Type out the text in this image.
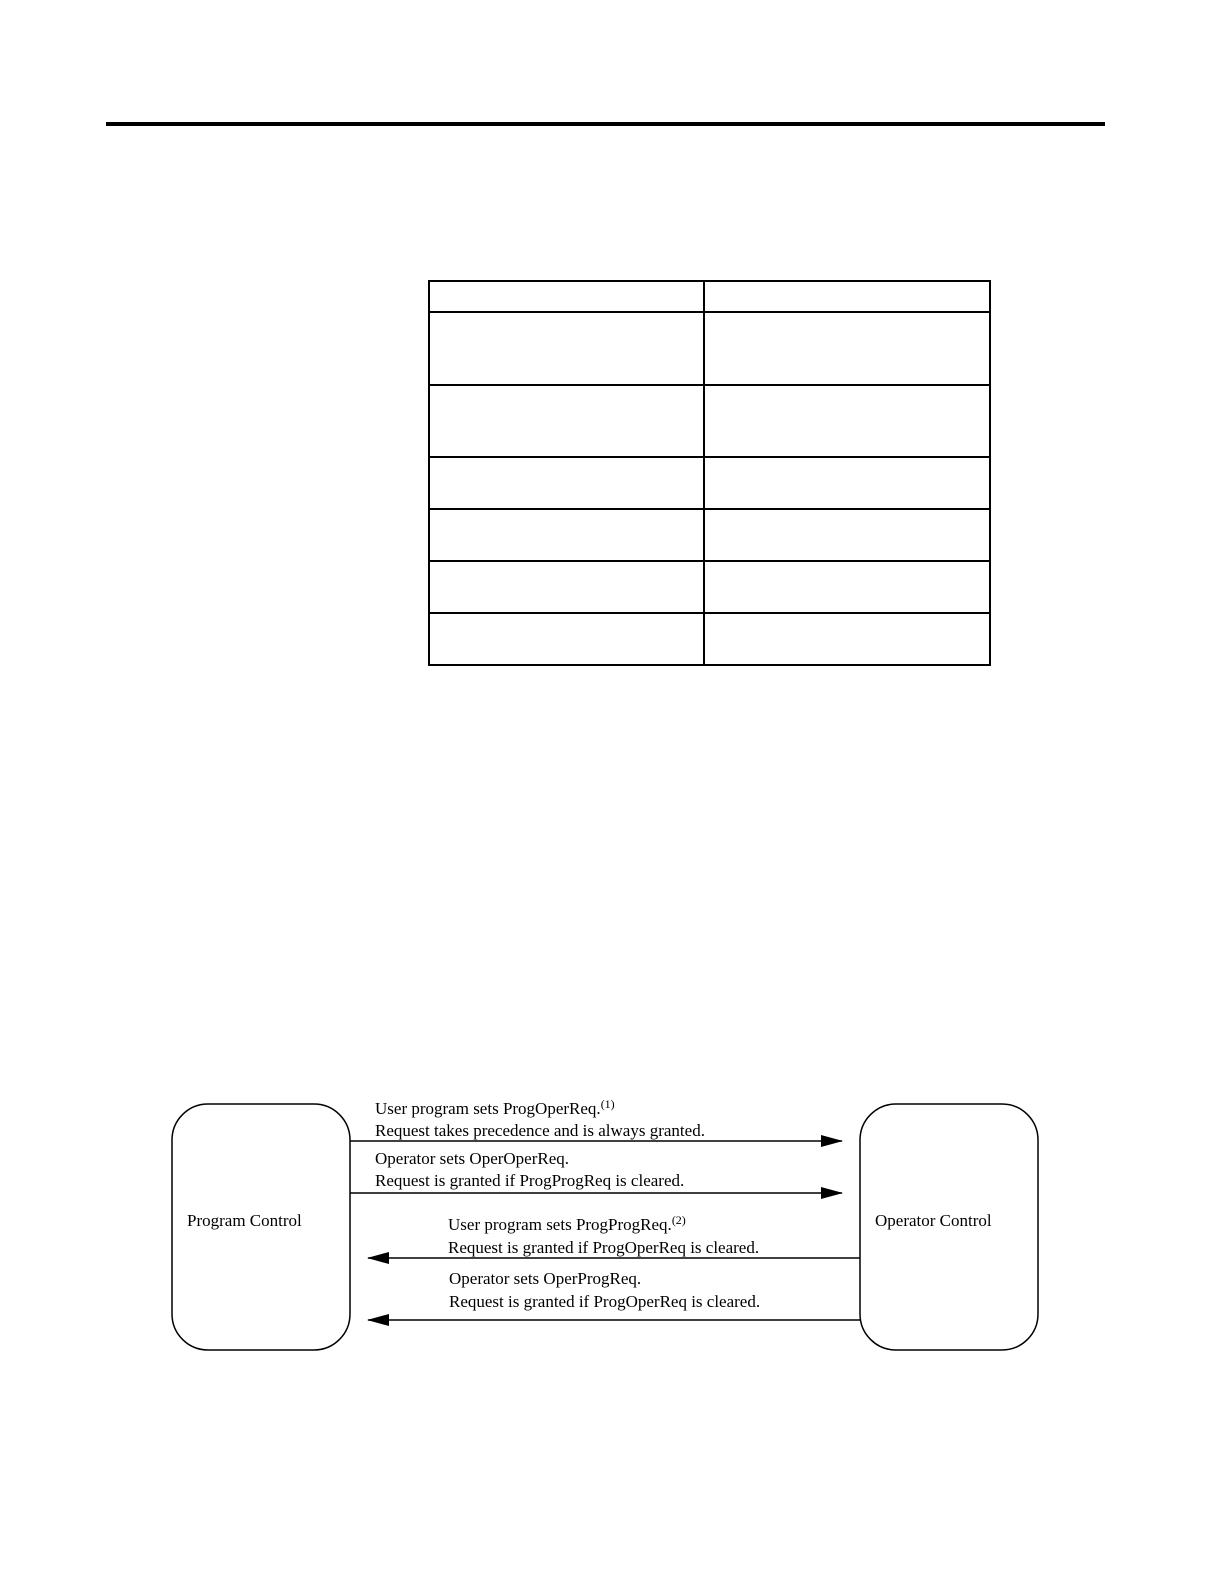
Program Control	Operator Control
User program sets ProgOperReq.$^{(1)}$
Request takes precedence and is always granted.
Operator sets OperOperReq.
Request is granted if ProgProgReq is cleared.
User program sets ProgProgReq.$^{(2)}$
Request is granted if ProgOperReq is cleared.
Operator sets OperProgReq.
Request is granted if ProgOperReq is cleared.
